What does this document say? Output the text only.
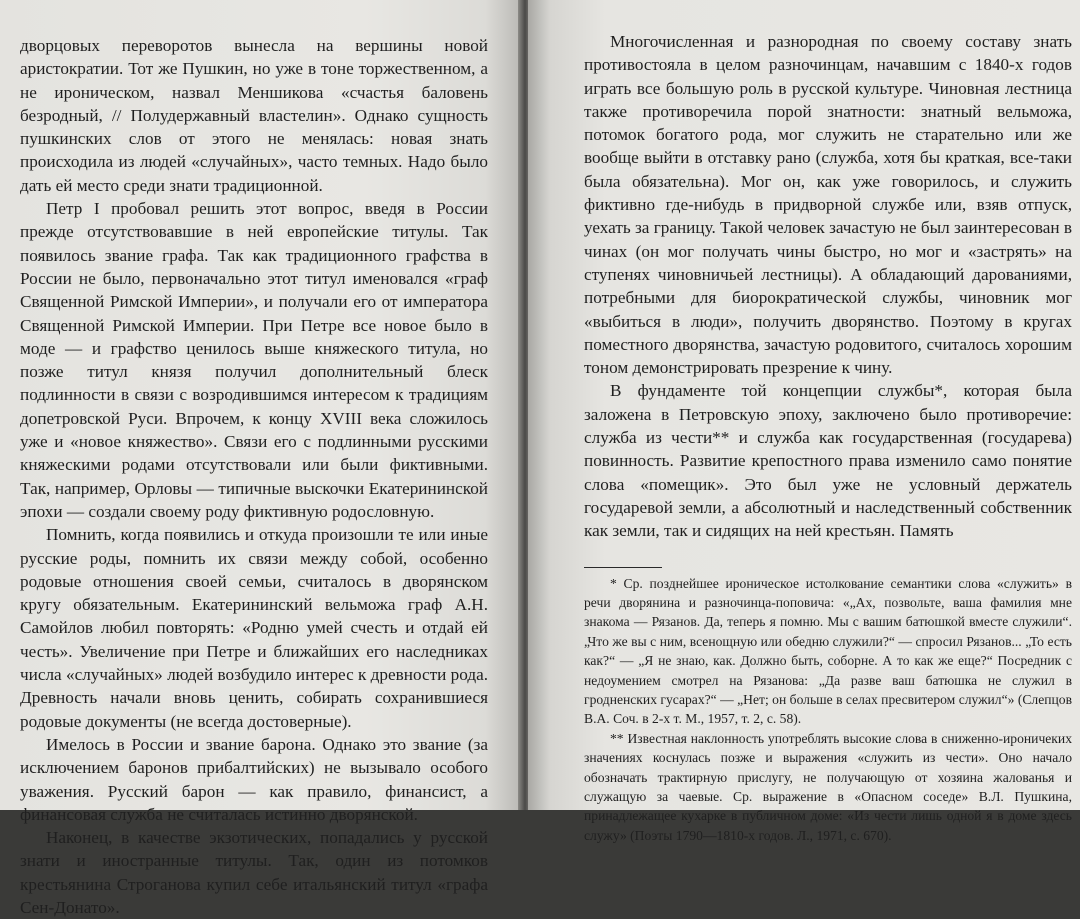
дворцовых переворотов вынесла на вершины новой аристократии. Тот же Пушкин, но уже в тоне торжественном, а не ироническом, назвал Меншикова «счастья баловень безродный, // Полудержавный властелин». Однако сущность пушкинских слов от этого не менялась: новая знать происходила из людей «случайных», часто темных. Надо было дать ей место среди знати традиционной.

Петр I пробовал решить этот вопрос, введя в России прежде отсутствовавшие в ней европейские титулы. Так появилось звание графа. Так как традиционного графства в России не было, первоначально этот титул именовался «граф Священной Римской Империи», и получали его от императора Священной Римской Империи. При Петре все новое было в моде — и графство ценилось выше княжеского титула, но позже титул князя получил дополнительный блеск подлинности в связи с возродившимся интересом к традициям допетровской Руси. Впрочем, к концу XVIII века сложилось уже и «новое княжество». Связи его с подлинными русскими княжескими родами отсутствовали или были фиктивными. Так, например, Орловы — типичные выскочки Екатерининской эпохи — создали своему роду фиктивную родословную.

Помнить, когда появились и откуда произошли те или иные русские роды, помнить их связи между собой, особенно родовые отношения своей семьи, считалось в дворянском кругу обязательным. Екатерининский вельможа граф А.Н. Самойлов любил повторять: «Родню умей счесть и отдай ей честь». Увеличение при Петре и ближайших его наследниках числа «случайных» людей возбудило интерес к древности рода. Древность начали вновь ценить, собирать сохранившиеся родовые документы (не всегда достоверные).

Имелось в России и звание барона. Однако это звание (за исключением баронов прибалтийских) не вызывало особого уважения. Русский барон — как правило, финансист, а финансовая служба не считалась истинно дворянской.

Наконец, в качестве экзотических, попадались у русской знати и иностранные титулы. Так, один из потомков крестьянина Строганова купил себе итальянский титул «графа Сен-Донато».

Многочисленная и разнородная по своему составу знать противостояла в целом разночинцам, начавшим с 1840-х годов играть все большую роль в русской культуре. Чиновная лестница также противоречила порой знатности: знатный вельможа, потомок богатого рода, мог служить не старательно или же вообще выйти в отставку рано (служба, хотя бы краткая, все-таки была обязательна). Мог он, как уже говорилось, и служить фиктивно где-нибудь в придворной службе или, взяв отпуск, уехать за границу. Такой человек зачастую не был заинтересован в чинах (он мог получать чины быстро, но мог и «застрять» на ступенях чиновничьей лестницы). А обладающий дарованиями, потребными для биорократической службы, чиновник мог «выбиться в люди», получить дворянство. Поэтому в кругах поместного дворянства, зачастую родовитого, считалось хорошим тоном демонстрировать презрение к чину.

В фундаменте той концепции службы*, которая была заложена в Петровскую эпоху, заключено было противоречие: служба из чести** и служба как государственная (государева) повинность. Развитие крепостного права изменило само понятие слова «помещик». Это был уже не условный держатель государевой земли, а абсолютный и наследственный собственник как земли, так и сидящих на ней крестьян. Память

* Ср. позднейшее ироническое истолкование семантики слова «служить» в речи дворянина и разночинца-поповича: «„Ах, позвольте, ваша фамилия мне знакома — Рязанов. Да, теперь я помню. Мы с вашим батюшкой вместе служили“. „Что же вы с ним, всенощную или обедню служили?“ — спросил Рязанов... „То есть как?“ — „Я не знаю, как. Должно быть, соборне. А то как же еще?“ Посредник с недоумением смотрел на Рязанова: „Да разве ваш батюшка не служил в гродненских гусарах?“ — „Нет; он больше в селах пресвитером служил“» (Слепцов В.А. Соч. в 2-х т. М., 1957, т. 2, с. 58).

** Известная наклонность употреблять высокие слова в сниженно-ироничеких значениях коснулась позже и выражения «служить из чести». Оно начало обозначать трактирную прислугу, не получающую от хозяина жалованья и служащую за чаевые. Ср. выражение в «Опасном соседе» В.Л. Пушкина, принадлежащее кухарке в публичном доме: «Из чести лишь одной я в доме здесь служу» (Поэты 1790—1810-х годов. Л., 1971, с. 670).
